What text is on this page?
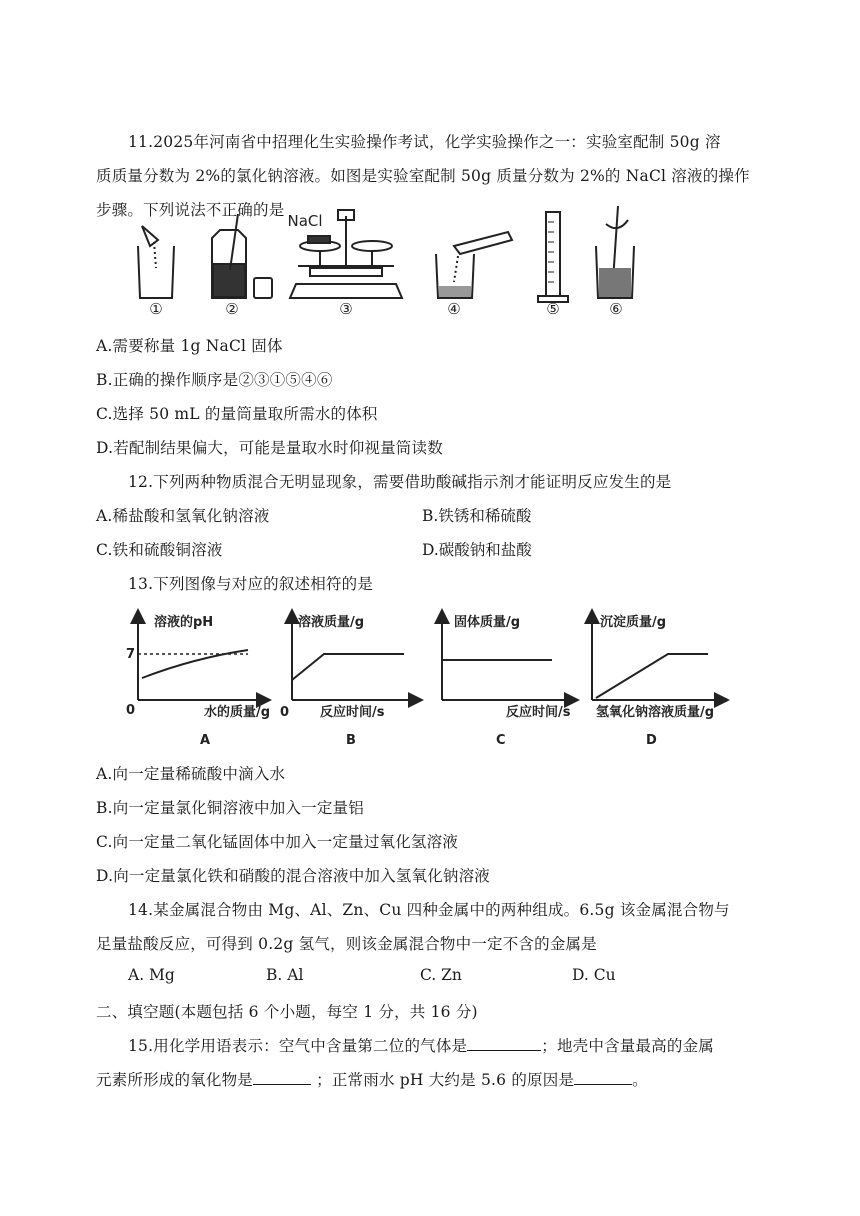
11.2025年河南省中招理化生实验操作考试，化学实验操作之一：实验室配制 50g 溶
质质量分数为 2%的氯化钠溶液。如图是实验室配制 50g 质量分数为 2%的 NaCl 溶液的操作
步骤。下列说法不正确的是
NaCl
①	②	③	④	⑤	⑥
A.需要称量 1g NaCl 固体
B.正确的操作顺序是②③①⑤④⑥
C.选择 50 mL 的量筒量取所需水的体积
D.若配制结果偏大，可能是量取水时仰视量筒读数
12.下列两种物质混合无明显现象，需要借助酸碱指示剂才能证明反应发生的是
A.稀盐酸和氢氧化钠溶液	B.铁锈和稀硫酸
C.铁和硫酸铜溶液	D.碳酸钠和盐酸
13.下列图像与对应的叙述相符的是
溶液的pH
7
0	水的质量/g
A
溶液质量/g
0 反应时间/s
B
固体质量/g
反应时间/s
C
沉淀质量/g
氢氧化钠溶液质量/g
D
A.向一定量稀硫酸中滴入水
B.向一定量氯化铜溶液中加入一定量铝
C.向一定量二氧化锰固体中加入一定量过氧化氢溶液
D.向一定量氯化铁和硝酸的混合溶液中加入氢氧化钠溶液
14.某金属混合物由 Mg、Al、Zn、Cu 四种金属中的两种组成。6.5g 该金属混合物与
足量盐酸反应，可得到 0.2g 氢气，则该金属混合物中一定不含的金属是
A. Mg	B. Al	C. Zn	D. Cu
二、填空题(本题包括 6 个小题，每空 1 分，共 16 分)
15.用化学用语表示：空气中含量第二位的气体是	；地壳中含量最高的金属
元素所形成的氧化物是	；正常雨水 pH 大约是 5.6 的原因是	。
